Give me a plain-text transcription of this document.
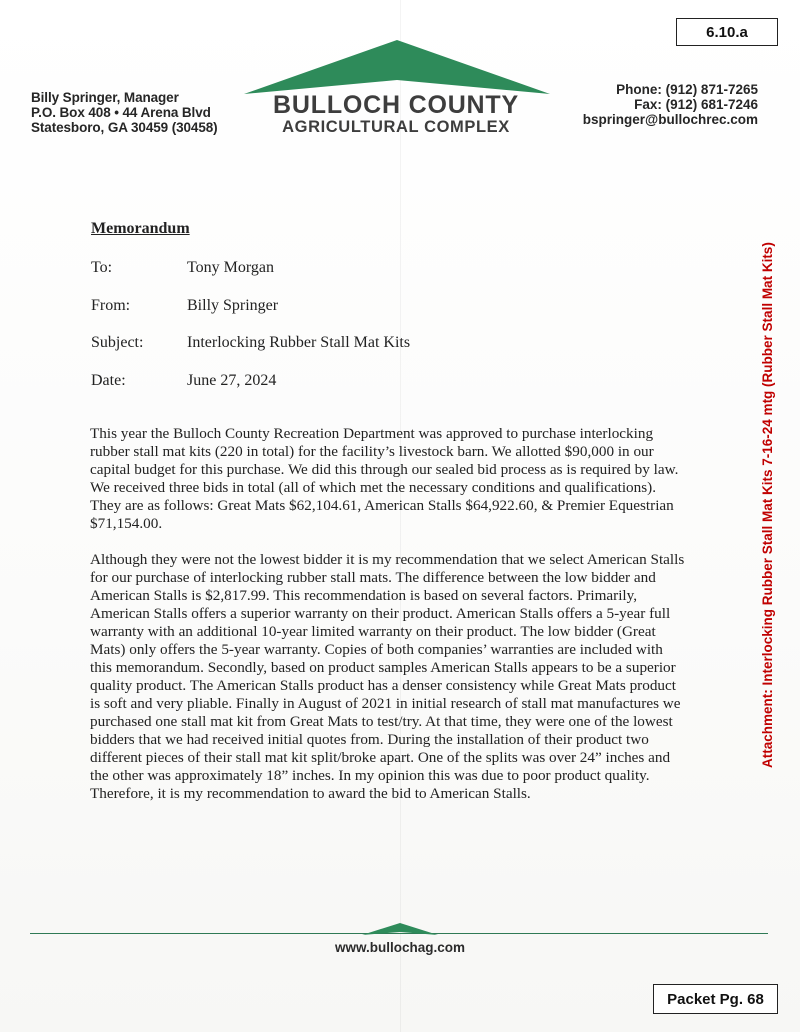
6.10.a
Billy Springer, Manager
P.O. Box 408 • 44 Arena Blvd
Statesboro, GA 30459 (30458)
BULLOCH COUNTY
AGRICULTURAL COMPLEX
Phone: (912) 871-7265
Fax: (912) 681-7246
bspringer@bullochrec.com
Memorandum
To:	Tony Morgan
From:	Billy Springer
Subject:	Interlocking Rubber Stall Mat Kits
Date:	June 27, 2024
This year the Bulloch County Recreation Department was approved to purchase interlocking
rubber stall mat kits (220 in total) for the facility’s livestock barn. We allotted $90,000 in our
capital budget for this purchase. We did this through our sealed bid process as is required by law.
We received three bids in total (all of which met the necessary conditions and qualifications).
They are as follows: Great Mats $62,104.61, American Stalls $64,922.60, & Premier Equestrian
$71,154.00.
Although they were not the lowest bidder it is my recommendation that we select American Stalls
for our purchase of interlocking rubber stall mats. The difference between the low bidder and
American Stalls is $2,817.99. This recommendation is based on several factors. Primarily,
American Stalls offers a superior warranty on their product. American Stalls offers a 5-year full
warranty with an additional 10-year limited warranty on their product. The low bidder (Great
Mats) only offers the 5-year warranty. Copies of both companies’ warranties are included with
this memorandum. Secondly, based on product samples American Stalls appears to be a superior
quality product. The American Stalls product has a denser consistency while Great Mats product
is soft and very pliable. Finally in August of 2021 in initial research of stall mat manufactures we
purchased one stall mat kit from Great Mats to test/try. At that time, they were one of the lowest
bidders that we had received initial quotes from. During the installation of their product two
different pieces of their stall mat kit split/broke apart. One of the splits was over 24” inches and
the other was approximately 18” inches. In my opinion this was due to poor product quality.
Therefore, it is my recommendation to award the bid to American Stalls.
Attachment: Interlocking Rubber Stall Mat Kits 7-16-24 mtg (Rubber Stall Mat Kits)
www.bullochag.com
Packet Pg. 68
